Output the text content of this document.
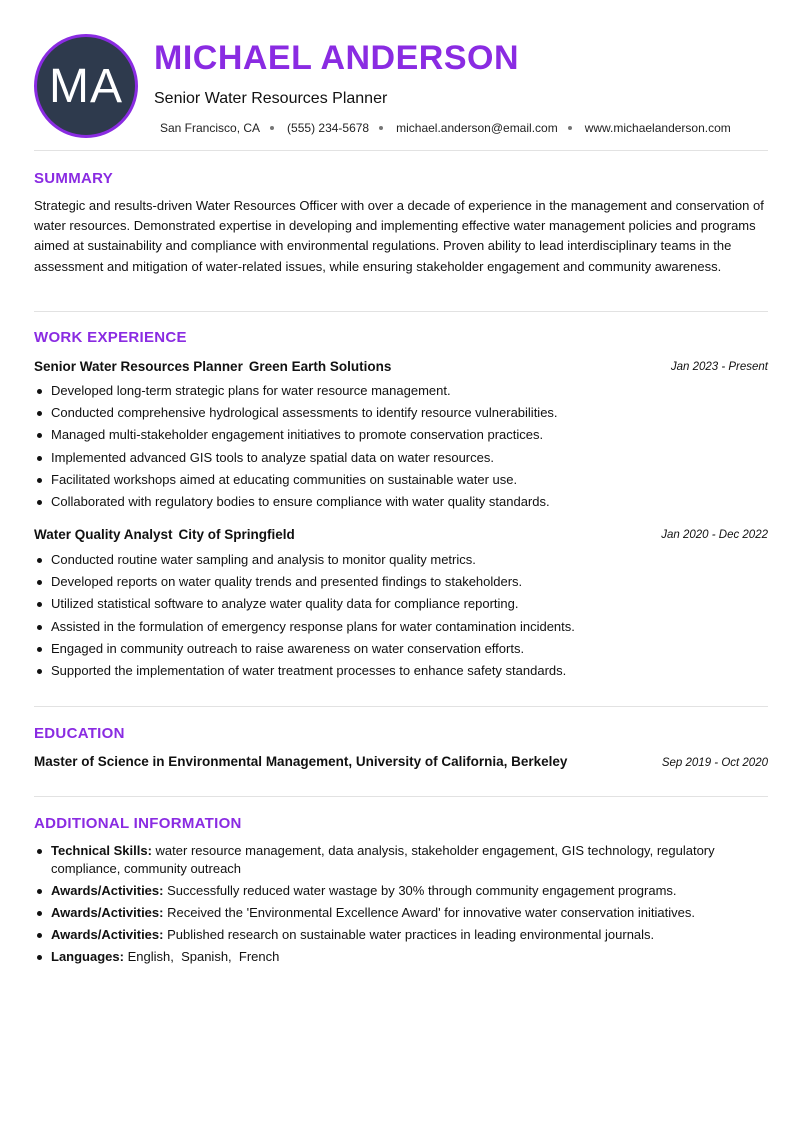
MA
MICHAEL ANDERSON
Senior Water Resources Planner
San Francisco, CA (555) 234-5678 michael.anderson@email.com www.michaelanderson.com
SUMMARY
Strategic and results-driven Water Resources Officer with over a decade of experience in the management and conservation of water resources. Demonstrated expertise in developing and implementing effective water management policies and programs aimed at sustainability and compliance with environmental regulations. Proven ability to lead interdisciplinary teams in the assessment and mitigation of water-related issues, while ensuring stakeholder engagement and community awareness.
WORK EXPERIENCE
Senior Water Resources Planner Green Earth Solutions	Jan 2023 - Present
Developed long-term strategic plans for water resource management.
Conducted comprehensive hydrological assessments to identify resource vulnerabilities.
Managed multi-stakeholder engagement initiatives to promote conservation practices.
Implemented advanced GIS tools to analyze spatial data on water resources.
Facilitated workshops aimed at educating communities on sustainable water use.
Collaborated with regulatory bodies to ensure compliance with water quality standards.
Water Quality Analyst City of Springfield	Jan 2020 - Dec 2022
Conducted routine water sampling and analysis to monitor quality metrics.
Developed reports on water quality trends and presented findings to stakeholders.
Utilized statistical software to analyze water quality data for compliance reporting.
Assisted in the formulation of emergency response plans for water contamination incidents.
Engaged in community outreach to raise awareness on water conservation efforts.
Supported the implementation of water treatment processes to enhance safety standards.
EDUCATION
Master of Science in Environmental Management, University of California, Berkeley	Sep 2019 - Oct 2020
ADDITIONAL INFORMATION
Technical Skills: water resource management, data analysis, stakeholder engagement, GIS technology, regulatory compliance, community outreach
Awards/Activities: Successfully reduced water wastage by 30% through community engagement programs.
Awards/Activities: Received the 'Environmental Excellence Award' for innovative water conservation initiatives.
Awards/Activities: Published research on sustainable water practices in leading environmental journals.
Languages: English,  Spanish,  French
